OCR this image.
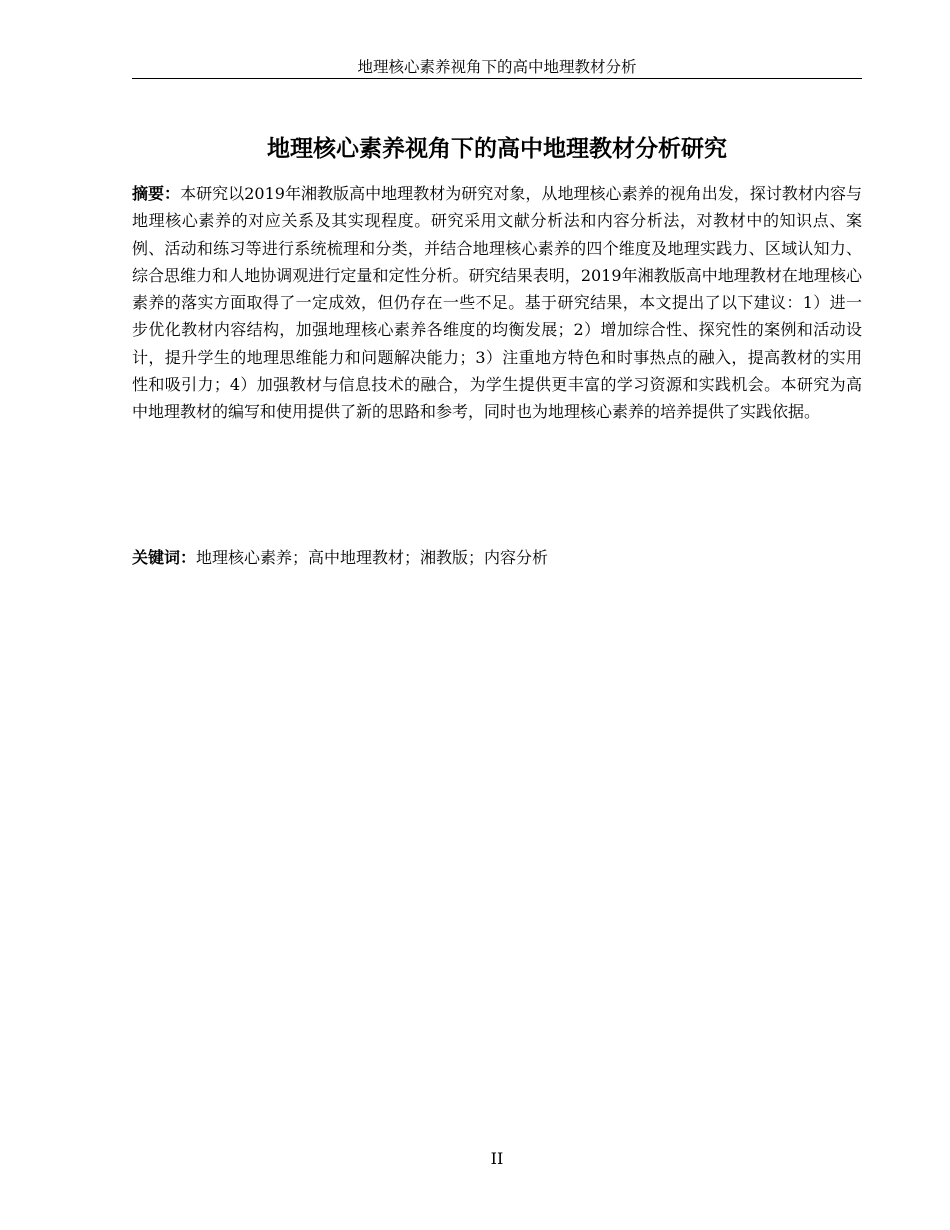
地理核心素养视角下的高中地理教材分析
地理核心素养视角下的高中地理教材分析研究

摘要：本研究以2019年湘教版高中地理教材为研究对象，从地理核心素养的视角出发，探讨教材内容与地理核心素养的对应关系及其实现程度。研究采用文献分析法和内容分析法，对教材中的知识点、案例、活动和练习等进行系统梳理和分类，并结合地理核心素养的四个维度及地理实践力、区域认知力、综合思维力和人地协调观进行定量和定性分析。研究结果表明，2019年湘教版高中地理教材在地理核心素养的落实方面取得了一定成效，但仍存在一些不足。基于研究结果，本文提出了以下建议：1）进一步优化教材内容结构，加强地理核心素养各维度的均衡发展；2）增加综合性、探究性的案例和活动设计，提升学生的地理思维能力和问题解决能力；3）注重地方特色和时事热点的融入，提高教材的实用性和吸引力；4）加强教材与信息技术的融合，为学生提供更丰富的学习资源和实践机会。本研究为高中地理教材的编写和使用提供了新的思路和参考，同时也为地理核心素养的培养提供了实践依据。

关键词：地理核心素养；高中地理教材；湘教版；内容分析

II
